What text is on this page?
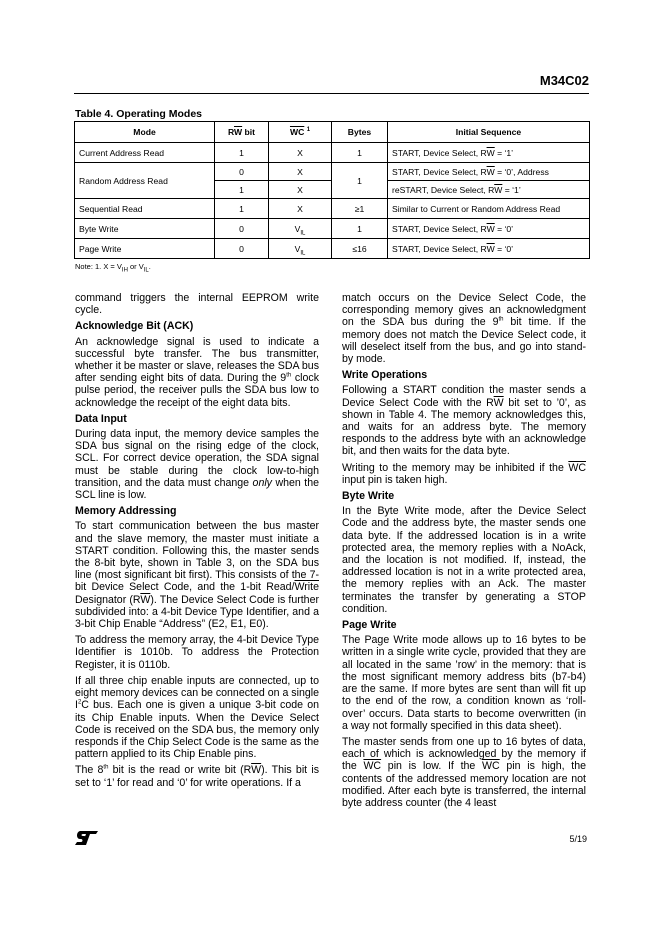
M34C02
Table 4. Operating Modes
Mode	$R\overline{W}$ bit	$\overline{WC}$ $^1$	Bytes	Initial Sequence
Current Address Read	1	X	1	START, Device Select, $R\overline{W}$ = ‘1’
Random Address Read	0	X	1	START, Device Select, $R\overline{W}$ = ‘0’, Address
	1	X		reSTART, Device Select, $R\overline{W}$ = ‘1’
Sequential Read	1	X	≥1	Similar to Current or Random Address Read
Byte Write	0	$V_{IL}$	1	START, Device Select, $R\overline{W}$ = ‘0’
Page Write	0	$V_{IL}$	≤16	START, Device Select, $R\overline{W}$ = ‘0’
Note: 1. $X = V_{IH}$ or $V_{IL}$.

command triggers the internal EEPROM write cycle.

Acknowledge Bit (ACK)

An acknowledge signal is used to indicate a successful byte transfer. The bus transmitter, whether it be master or slave, releases the SDA bus after sending eight bits of data. During the 9th clock pulse period, the receiver pulls the SDA bus low to acknowledge the receipt of the eight data bits.

Data Input

During data input, the memory device samples the SDA bus signal on the rising edge of the clock, SCL. For correct device operation, the SDA signal must be stable during the clock low-to-high transition, and the data must change only when the SCL line is low.

Memory Addressing

To start communication between the bus master and the slave memory, the master must initiate a START condition. Following this, the master sends the 8-bit byte, shown in Table 3, on the SDA bus line (most significant bit first). This consists of the 7-bit Device Select Code, and the 1-bit Read/Write Designator $(R\overline{W})$. The Device Select Code is further subdivided into: a 4-bit Device Type Identifier, and a 3-bit Chip Enable “Address” (E2, E1, E0).

To address the memory array, the 4-bit Device Type Identifier is 1010b. To address the Protection Register, it is 0110b.

If all three chip enable inputs are connected, up to eight memory devices can be connected on a single $I^2C$ bus. Each one is given a unique 3-bit code on its Chip Enable inputs. When the Device Select Code is received on the SDA bus, the memory only responds if the Chip Select Code is the same as the pattern applied to its Chip Enable pins.

The 8th bit is the read or write bit $(R\overline{W})$. This bit is set to ‘1’ for read and ‘0’ for write operations. If a

match occurs on the Device Select Code, the corresponding memory gives an acknowledgment on the SDA bus during the 9th bit time. If the memory does not match the Device Select code, it will deselect itself from the bus, and go into stand-by mode.

Write Operations

Following a START condition the master sends a Device Select Code with the $R\overline{W}$ bit set to ’0’, as shown in Table 4. The memory acknowledges this, and waits for an address byte. The memory responds to the address byte with an acknowledge bit, and then waits for the data byte.

Writing to the memory may be inhibited if the $\overline{WC}$ input pin is taken high.

Byte Write

In the Byte Write mode, after the Device Select Code and the address byte, the master sends one data byte. If the addressed location is in a write protected area, the memory replies with a NoAck, and the location is not modified. If, instead, the addressed location is not in a write protected area, the memory replies with an Ack. The master terminates the transfer by generating a STOP condition.

Page Write

The Page Write mode allows up to 16 bytes to be written in a single write cycle, provided that they are all located in the same ’row’ in the memory: that is the most significant memory address bits (b7-b4) are the same. If more bytes are sent than will fit up to the end of the row, a condition known as ‘roll-over’ occurs. Data starts to become overwritten (in a way not formally specified in this data sheet).

The master sends from one up to 16 bytes of data, each of which is acknowledged by the memory if the $\overline{WC}$ pin is low. If the $\overline{WC}$ pin is high, the contents of the addressed memory location are not modified. After each byte is transferred, the internal byte address counter (the 4 least

5/19
